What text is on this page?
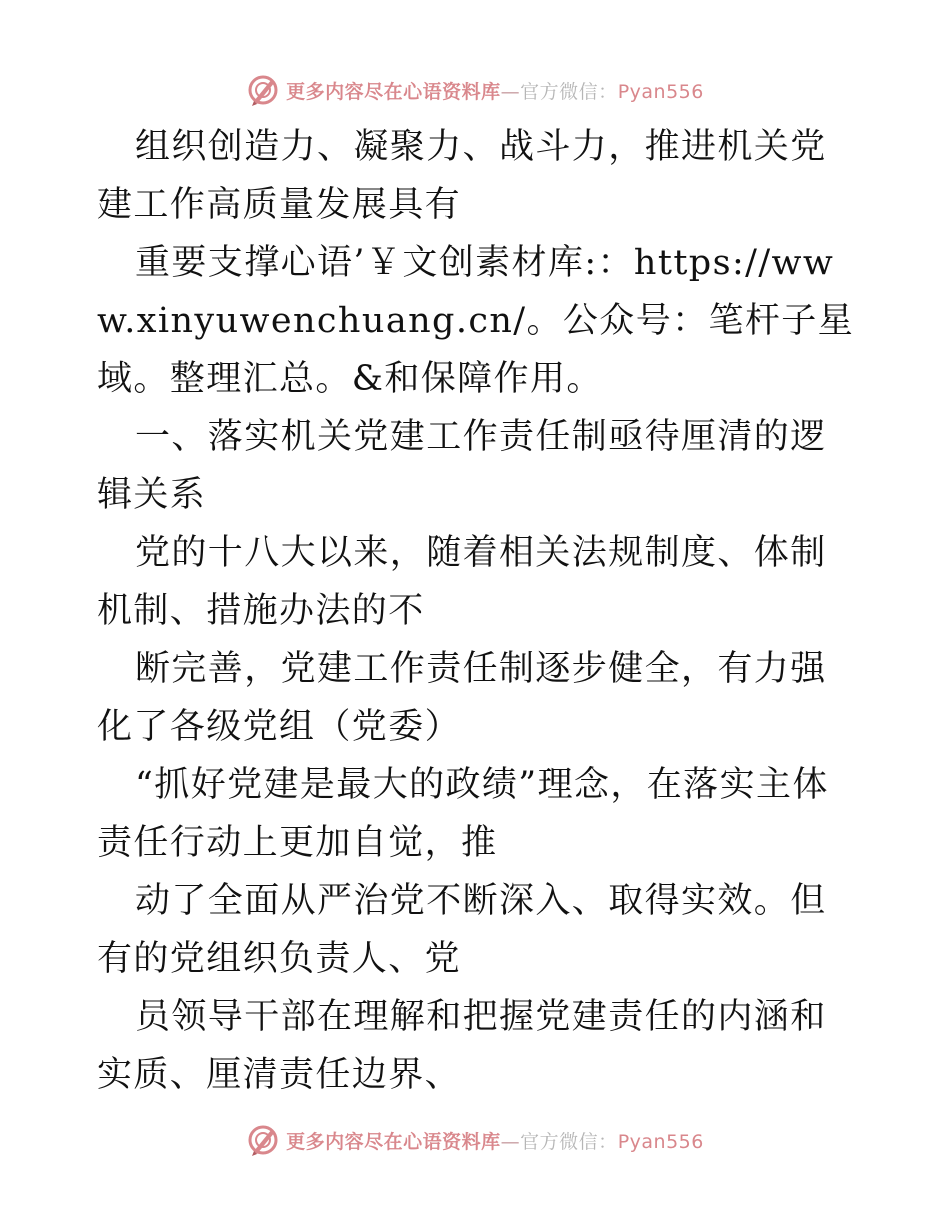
更多内容尽在心语资料库—官方微信：Pyan556

组织创造力、凝聚力、战斗力，推进机关党建工作高质量发展具有

重要支撑心语’￥文创素材库:：https://www.xinyuwenchuang.cn/。公众号：笔杆子星域。整理汇总。&和保障作用。

一、落实机关党建工作责任制亟待厘清的逻辑关系

党的十八大以来，随着相关法规制度、体制机制、措施办法的不

断完善，党建工作责任制逐步健全，有力强化了各级党组（党委）

“抓好党建是最大的政绩”理念，在落实主体责任行动上更加自觉，推

动了全面从严治党不断深入、取得实效。但有的党组织负责人、党

员领导干部在理解和把握党建责任的内涵和实质、厘清责任边界、

更多内容尽在心语资料库—官方微信：Pyan556
